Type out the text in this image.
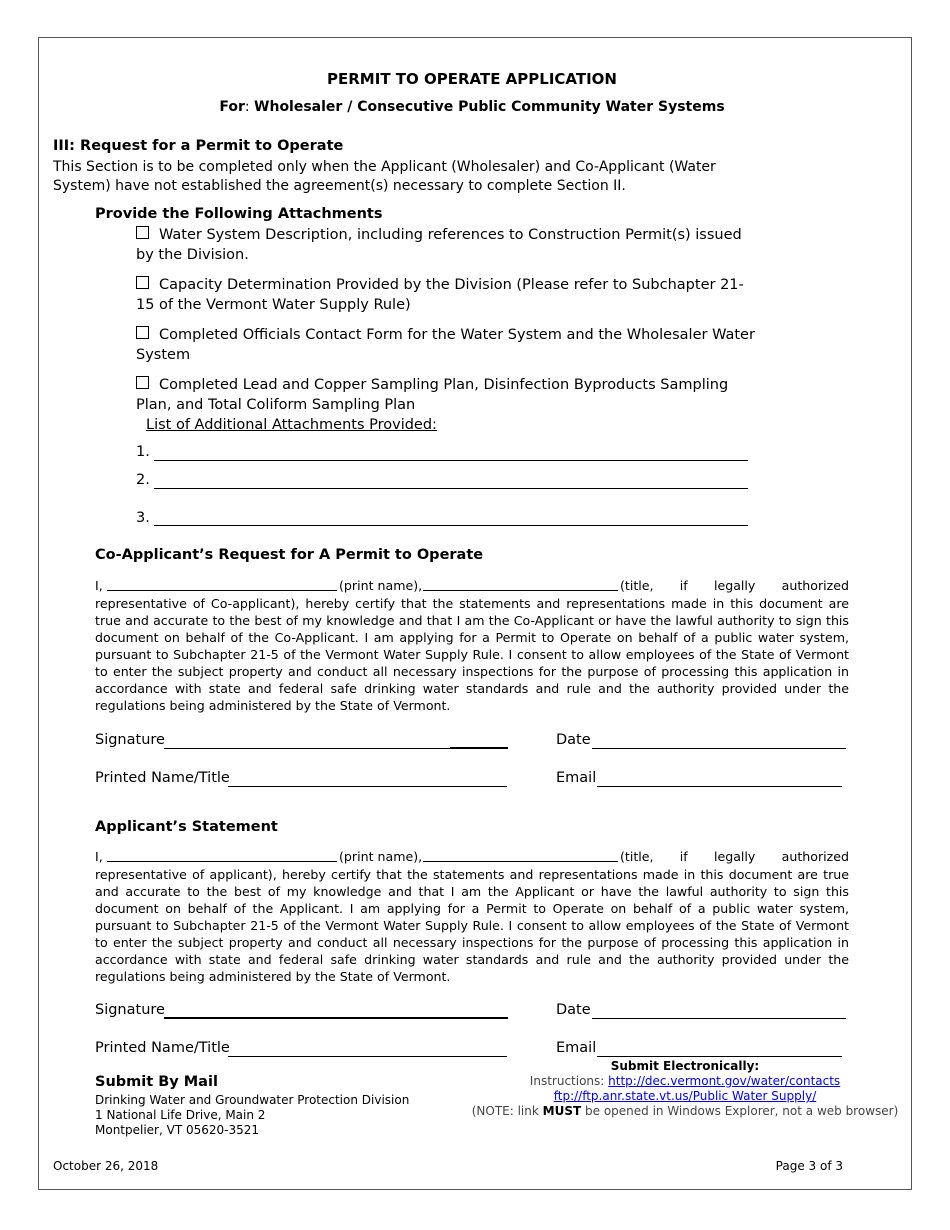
PERMIT TO OPERATE APPLICATION
For: Wholesaler / Consecutive Public Community Water Systems
III: Request for a Permit to Operate
This Section is to be completed only when the Applicant (Wholesaler) and Co-Applicant (Water System) have not established the agreement(s) necessary to complete Section II.
Provide the Following Attachments
Water System Description, including references to Construction Permit(s) issued by the Division.
Capacity Determination Provided by the Division (Please refer to Subchapter 21-15 of the Vermont Water Supply Rule)
Completed Officials Contact Form for the Water System and the Wholesaler Water System
Completed Lead and Copper Sampling Plan, Disinfection Byproducts Sampling Plan, and Total Coliform Sampling Plan
List of Additional Attachments Provided:
1.
2.
3.
Co-Applicant’s Request for A Permit to Operate
I,	(print name),	(title, if legally authorized
representative of Co-applicant), hereby certify that the statements and representations made in this document are true and accurate to the best of my knowledge and that I am the Co-Applicant or have the lawful authority to sign this document on behalf of the Co-Applicant. I am applying for a Permit to Operate on behalf of a public water system, pursuant to Subchapter 21-5 of the Vermont Water Supply Rule. I consent to allow employees of the State of Vermont to enter the subject property and conduct all necessary inspections for the purpose of processing this application in accordance with state and federal safe drinking water standards and rule and the authority provided under the regulations being administered by the State of Vermont.
Signature	Date
Printed Name/Title	Email
Applicant’s Statement
I,	(print name),	(title, if legally authorized
representative of applicant), hereby certify that the statements and representations made in this document are true and accurate to the best of my knowledge and that I am the Applicant or have the lawful authority to sign this document on behalf of the Applicant. I am applying for a Permit to Operate on behalf of a public water system, pursuant to Subchapter 21-5 of the Vermont Water Supply Rule. I consent to allow employees of the State of Vermont to enter the subject property and conduct all necessary inspections for the purpose of processing this application in accordance with state and federal safe drinking water standards and rule and the authority provided under the regulations being administered by the State of Vermont.
Signature	Date
Printed Name/Title	Email
Submit By Mail
Drinking Water and Groundwater Protection Division
1 National Life Drive, Main 2
Montpelier, VT 05620-3521
Submit Electronically:
Instructions: http://dec.vermont.gov/water/contacts
ftp://ftp.anr.state.vt.us/Public Water Supply/
(NOTE: link MUST be opened in Windows Explorer, not a web browser)
October 26, 2018	Page 3 of 3
